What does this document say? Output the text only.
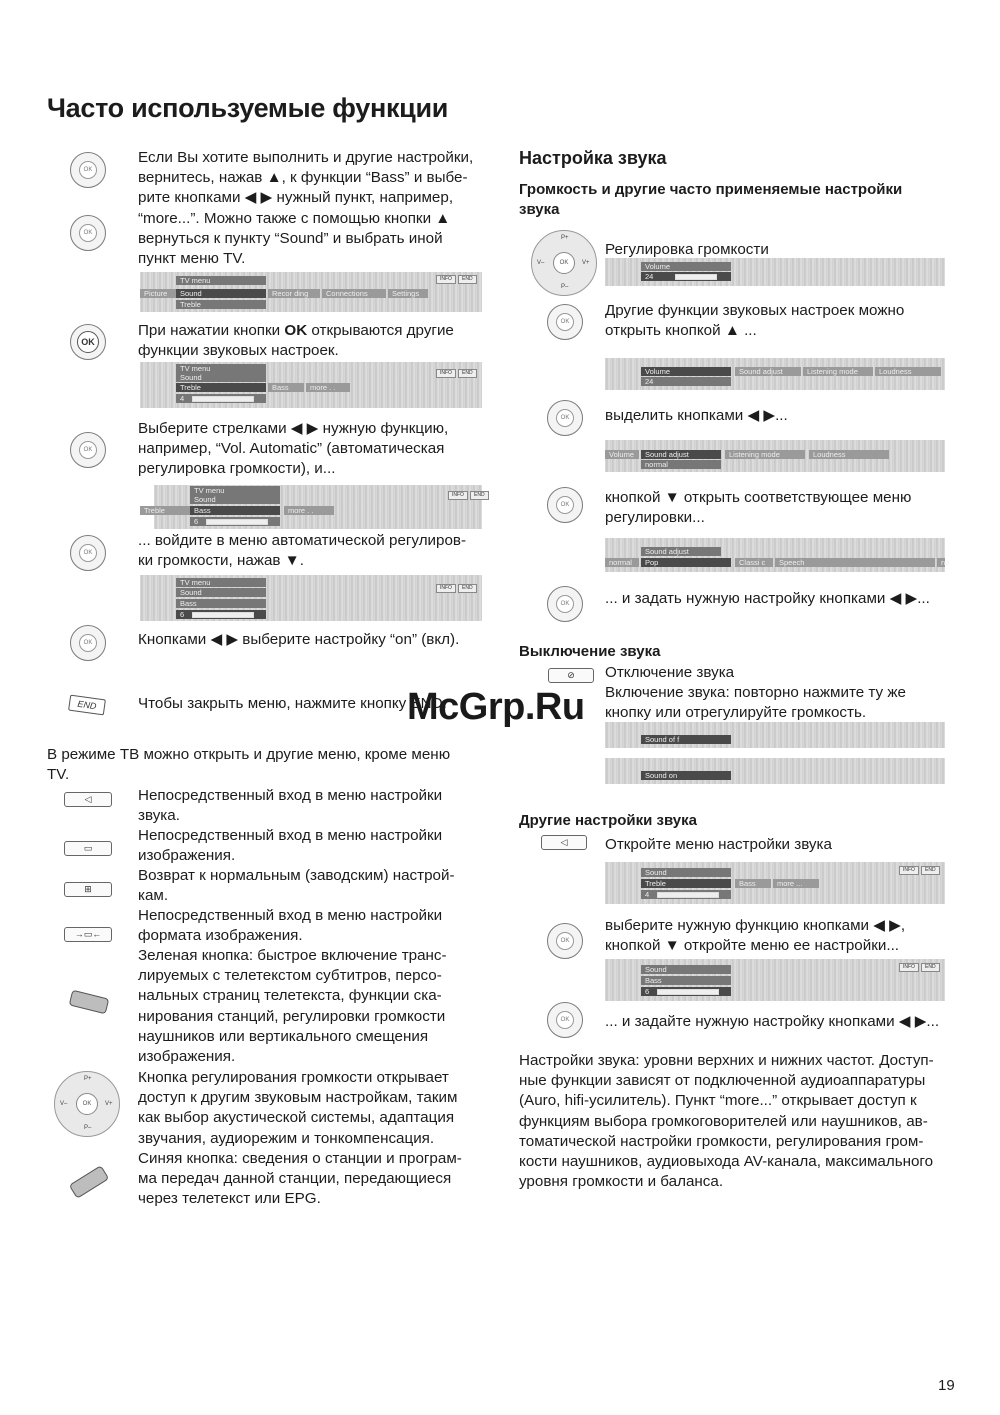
Часто используемые функции
OK
OK
Если Вы хотите выполнить и другие настройки,
вернитесь, нажав ▲, к функции “Bass” и выбе-
рите кнопками ◀ ▶ нужный пункт, например,
“more...”. Можно также с помощью кнопки ▲
вернуться к пункту “Sound” и выбрать иной
пункт меню TV.
TV menu	INFO	END
Picture	Sound	Recor ding	Connections	Settings
Treble
OK
При нажатии кнопки OK открываются другие
функции звуковых настроек.
TV menu
Sound	INFO	END
Treble	Bass	more . .
4
OK
Выберите стрелками ◀ ▶ нужную функцию,
например, “Vol. Automatic” (автоматическая
регулировка громкости), и...
TV menu
Sound	INFO	END
Treble	Bass	more . .
6
OK
... войдите в меню автоматической регулиров-
ки громкости, нажав ▼.
TV menu
Sound	INFO	END
Bass
6
OK	Кнопками ◀ ▶ выберите настройку “on” (вкл).
END	Чтобы закрыть меню, нажмите кнопку END.
В режиме ТВ можно открыть и другие меню, кроме меню
TV.
◁	Непосредственный вход в меню настройки
звука.
▭
Непосредственный вход в меню настройки
изображения.
⊞
Возврат к нормальным (заводским) настрой-
кам.
→▭←
Непосредственный вход в меню настройки
формата изображения.
Зеленая кнопка: быстрое включение транс-
лируемых с телетекстом субтитров, персо-
нальных страниц телетекста, функции ска-
нирования станций, регулировки громкости
наушников или вертикального смещения
изображения.
OK
P+
P–
V–	V+
Кнопка регулирования громкости открывает
доступ к другим звуковым настройкам, таким
как выбор акустической системы, адаптация
звучания, аудиорежим и тонкомпенсация.
Синяя кнопка: сведения о станции и програм-
ма передач данной станции, передающиеся
через телетекст или EPG.
Настройка звука
Громкость и другие часто применяемые настройки
звука
OK
P+
P–
V–	V+
Регулировка громкости
Volume
24
OK
Другие функции звуковых настроек можно
открыть кнопкой ▲ ...
Volume	Sound adjust	Listening mode	Loudness
24
OK	выделить кнопками ◀ ▶...
Volume	Sound adjust	Listening mode	Loudness
normal
OK	кнопкой ▼ открыть соответствующее меню
регулировки...
Sound adjust
normal	Pop	Classi c	Speech	no
OK	... и задать нужную настройку кнопками ◀ ▶...
Выключение звука
⊘	Отключение звука
Включение звука: повторно нажмите ту же
кнопку или отрегулируйте громкость.
Sound of f
Sound on
Другие настройки звука
◁	Откройте меню настройки звука
Sound	INFO	END
Treble	Bass	more ...
4
OK
выберите нужную функцию кнопками ◀ ▶,
кнопкой ▼ откройте меню ее настройки...
Sound	INFO	END
Bass
6
OK	... и задайте нужную настройку кнопками ◀ ▶...
Настройки звука: уровни верхних и нижних частот. Доступ-
ные функции зависят от подключенной аудиоаппаратуры
(Auro, hifi-усилитель). Пункт “more...” открывает доступ к
функциям выбора громкоговорителей или наушников, ав-
томатической настройки громкости, регулирования гром-
кости наушников, аудиовыхода AV-канала, максимального
уровня громкости и баланса.
McGrp.Ru
19
